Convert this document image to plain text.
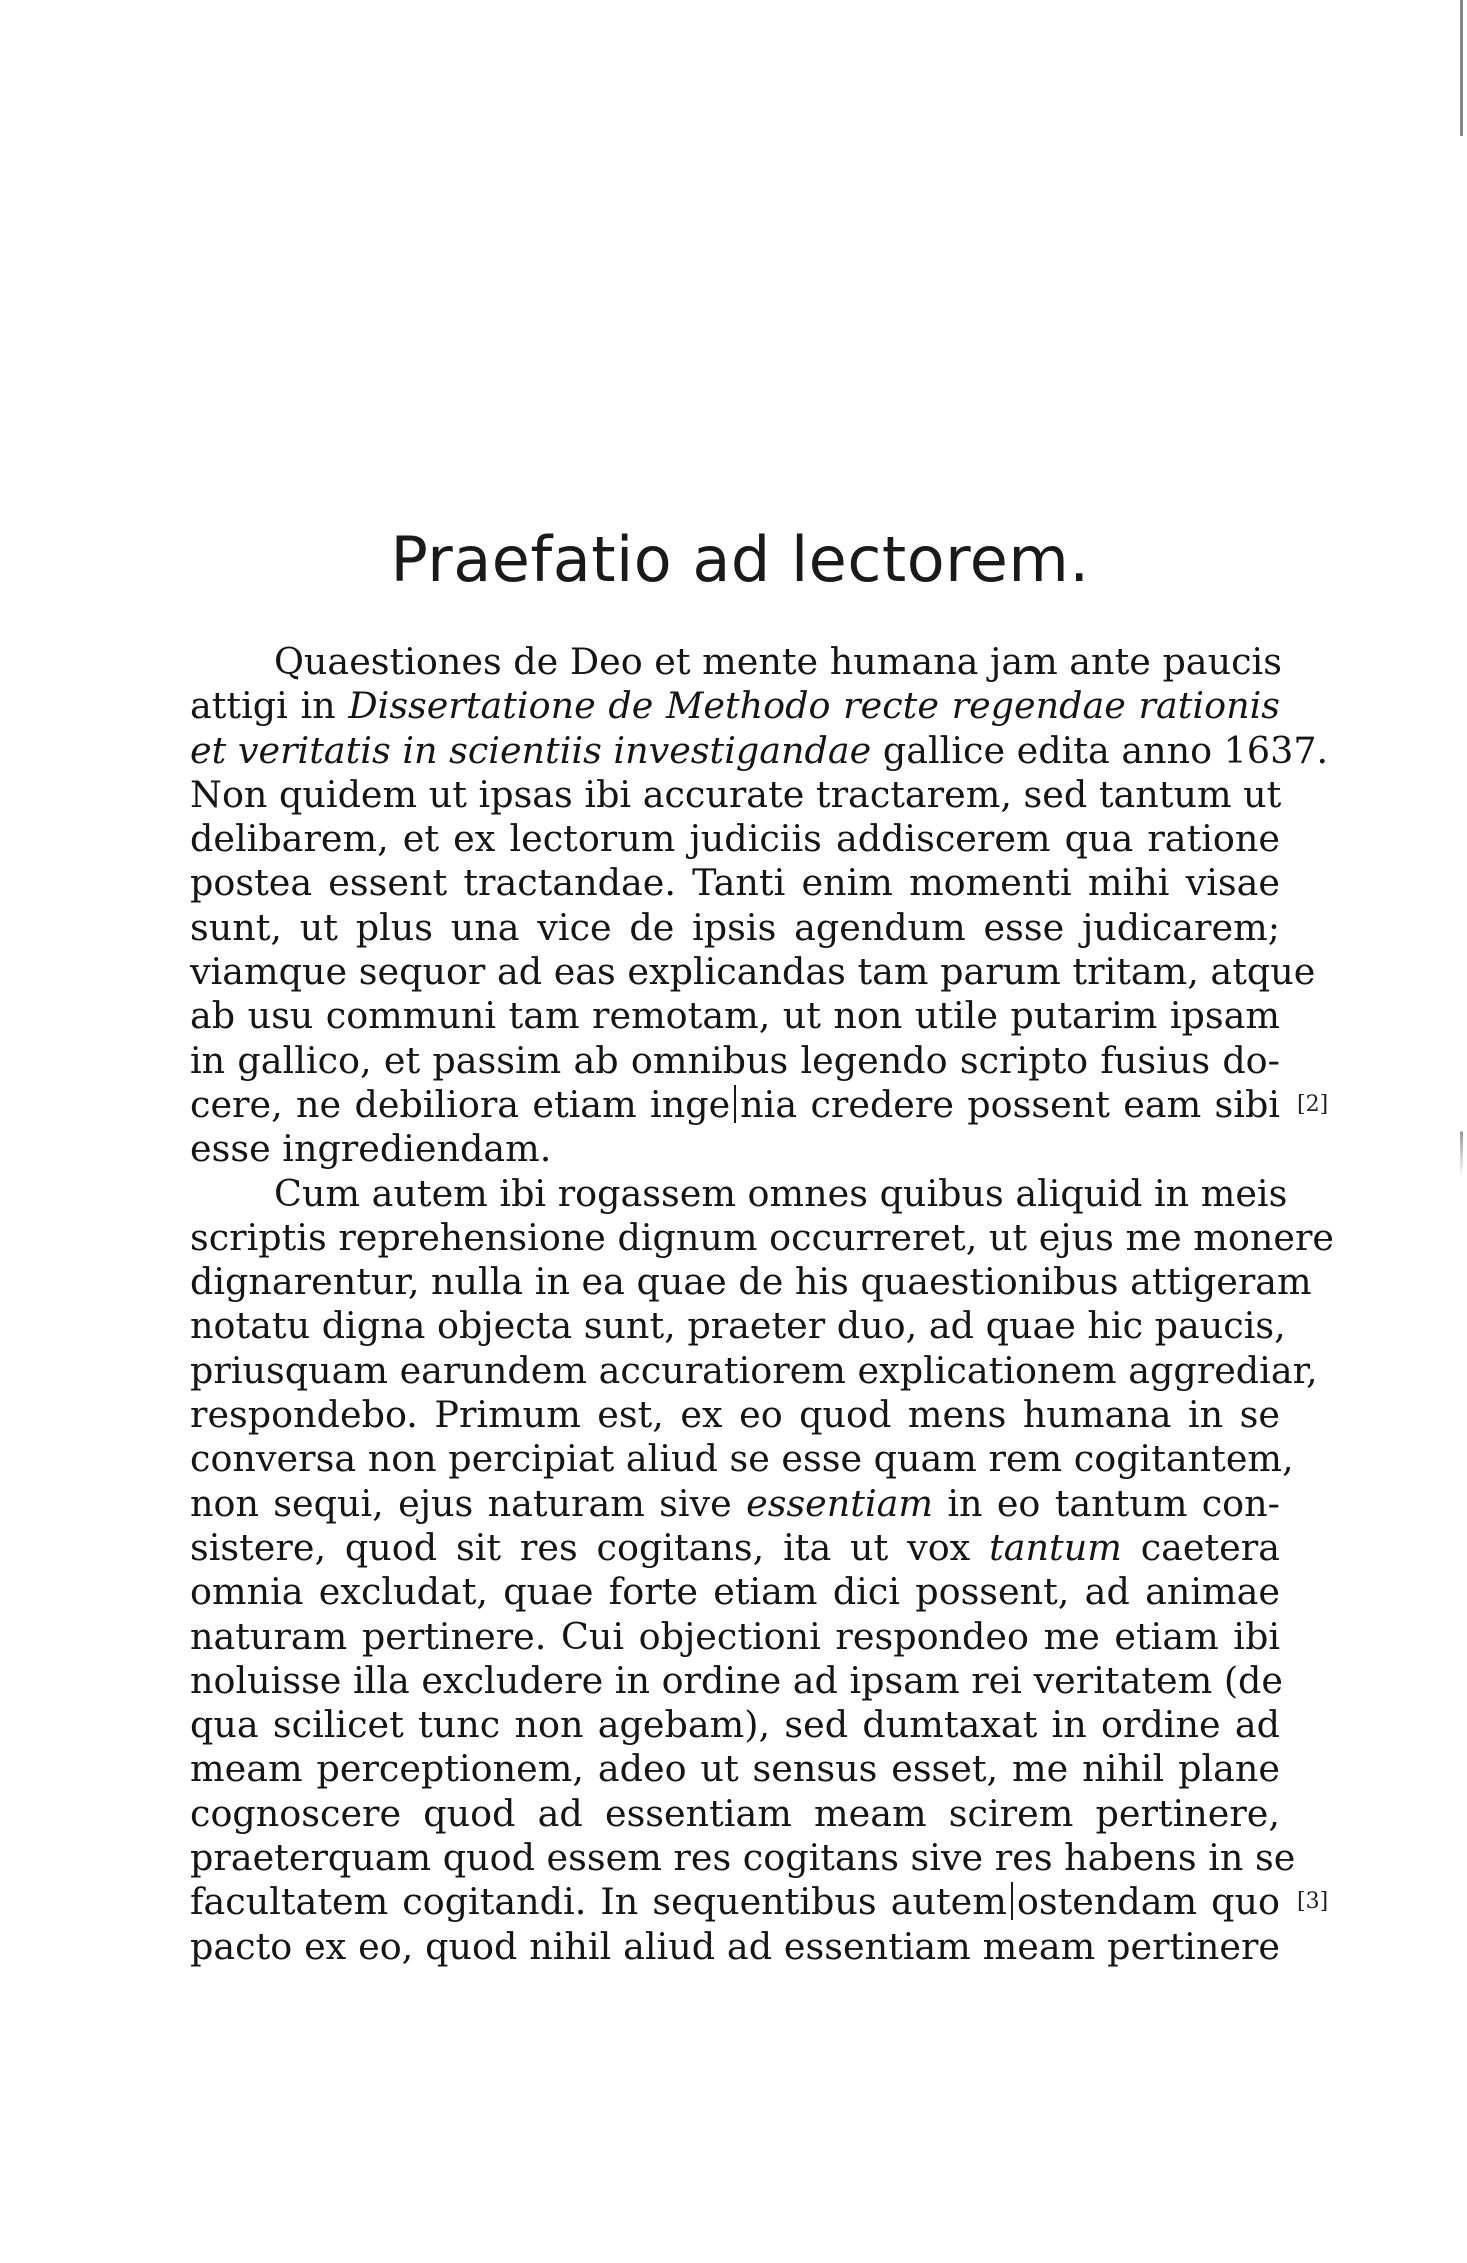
Praefatio ad lectorem.
Quaestiones de Deo et mente humana jam ante paucis
attigi in Dissertatione de Methodo recte regendae rationis
et veritatis in scientiis investigandae gallice edita anno 1637.
Non quidem ut ipsas ibi accurate tractarem, sed tantum ut
delibarem, et ex lectorum judiciis addiscerem qua ratione
postea essent tractandae. Tanti enim momenti mihi visae
sunt, ut plus una vice de ipsis agendum esse judicarem;
viamque sequor ad eas explicandas tam parum tritam, atque
ab usu communi tam remotam, ut non utile putarim ipsam
in gallico, et passim ab omnibus legendo scripto fusius do-
cere, ne debiliora etiam inge nia credere possent eam sibi
esse ingrediendam.
Cum autem ibi rogassem omnes quibus aliquid in meis
scriptis reprehensione dignum occurreret, ut ejus me monere
dignarentur, nulla in ea quae de his quaestionibus attigeram
notatu digna objecta sunt, praeter duo, ad quae hic paucis,
priusquam earundem accuratiorem explicationem aggrediar,
respondebo. Primum est, ex eo quod mens humana in se
conversa non percipiat aliud se esse quam rem cogitantem,
non sequi, ejus naturam sive essentiam in eo tantum con-
sistere, quod sit res cogitans, ita ut vox tantum caetera
omnia excludat, quae forte etiam dici possent, ad animae
naturam pertinere. Cui objectioni respondeo me etiam ibi
noluisse illa excludere in ordine ad ipsam rei veritatem (de
qua scilicet tunc non agebam), sed dumtaxat in ordine ad
meam perceptionem, adeo ut sensus esset, me nihil plane
cognoscere quod ad essentiam meam scirem pertinere,
praeterquam quod essem res cogitans sive res habens in se
facultatem cogitandi. In sequentibus autem ostendam quo
pacto ex eo, quod nihil aliud ad essentiam meam pertinere
[2]
[3]
